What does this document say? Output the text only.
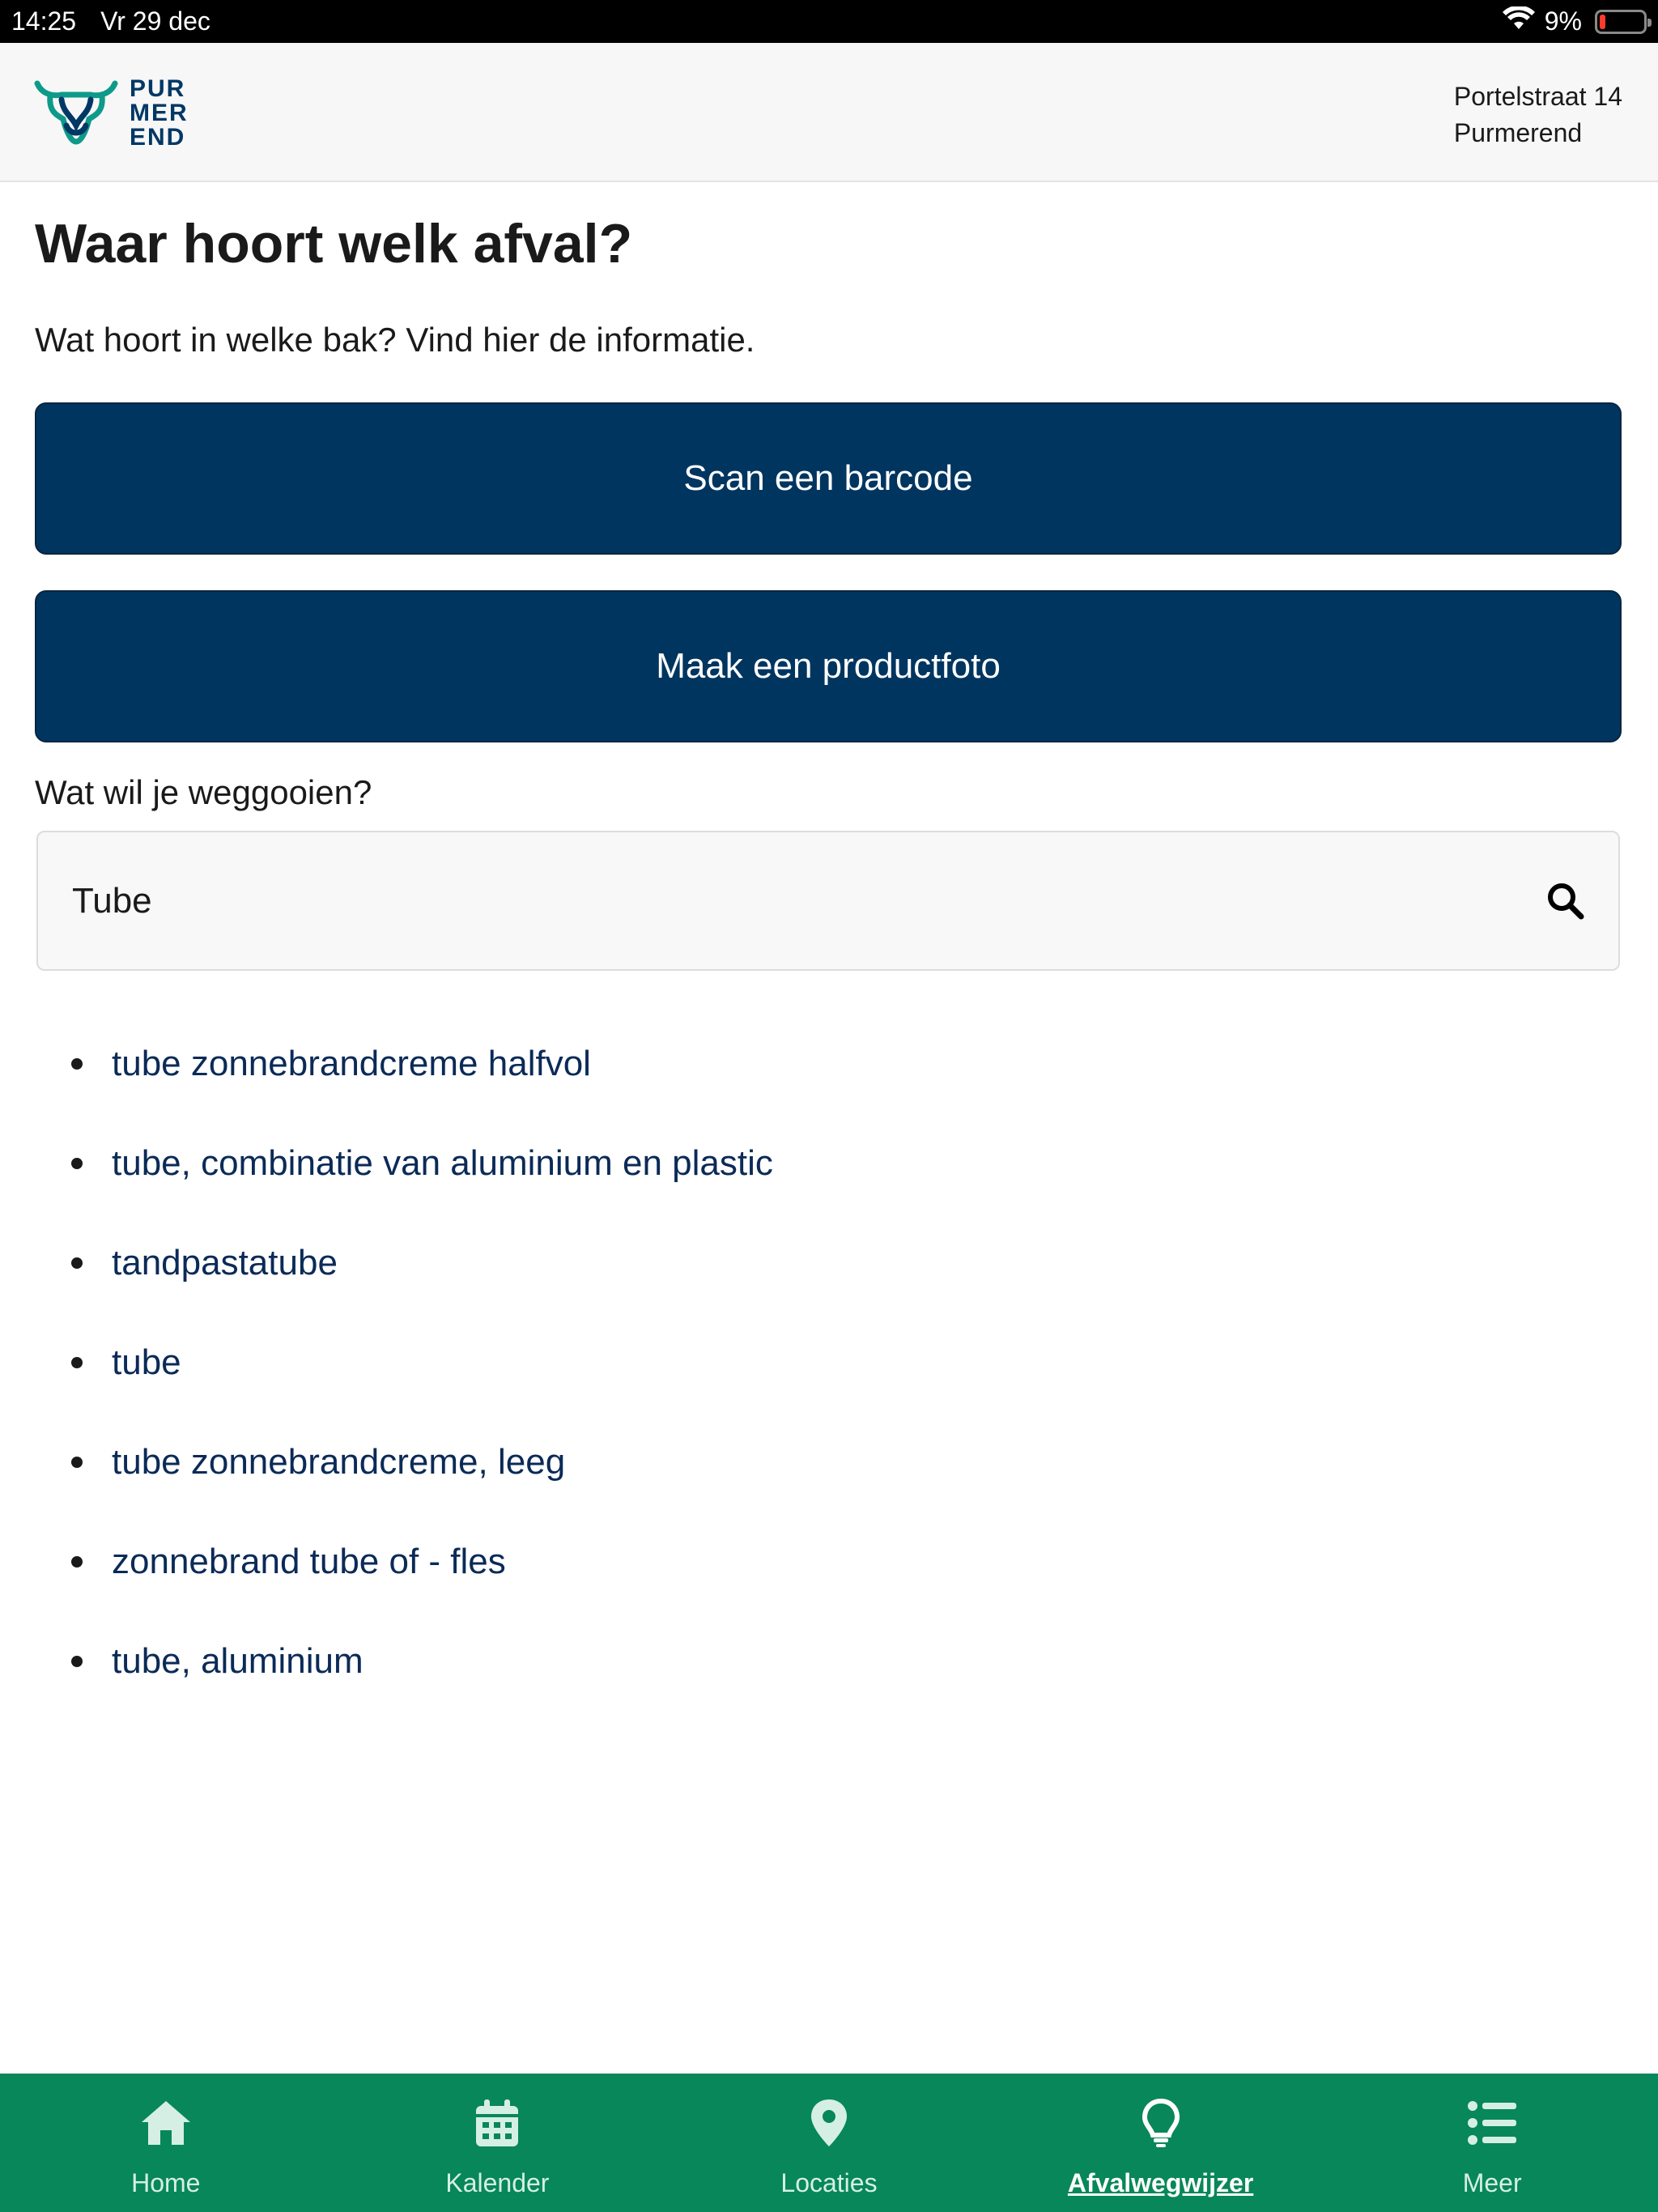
14:25 Vr 29 dec	9%
PUR
MER
END
Portelstraat 14
Purmerend
Waar hoort welk afval?

Wat hoort in welke bak? Vind hier de informatie.

Scan een barcode
Maak een productfoto
Wat wil je weggooien?
Tube
tube zonnebrandcreme halfvol
tube, combinatie van aluminium en plastic
tandpastatube
tube
tube zonnebrandcreme, leeg
zonnebrand tube of - fles
tube, aluminium
Home	Kalender	Locaties	Afvalwegwijzer	Meer
